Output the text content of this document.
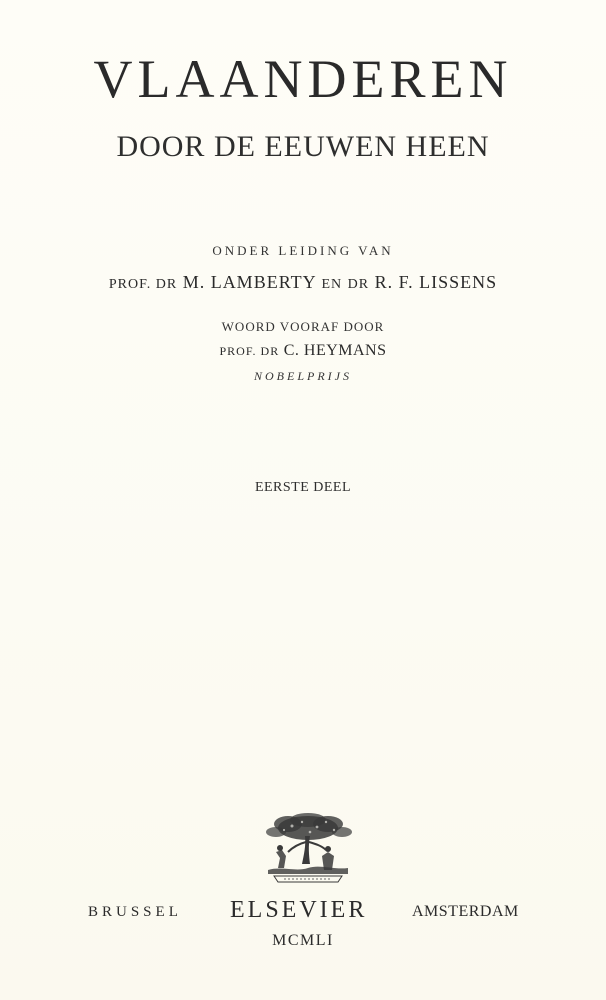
VLAANDEREN
DOOR DE EEUWEN HEEN
ONDER LEIDING VAN
PROF. DR M. LAMBERTY EN DR R. F. LISSENS
WOORD VOORAF DOOR
PROF. DR C. HEYMANS
NOBELPRIJS
EERSTE DEEL
BRUSSEL ELSEVIER	AMSTERDAM
MCMLI
